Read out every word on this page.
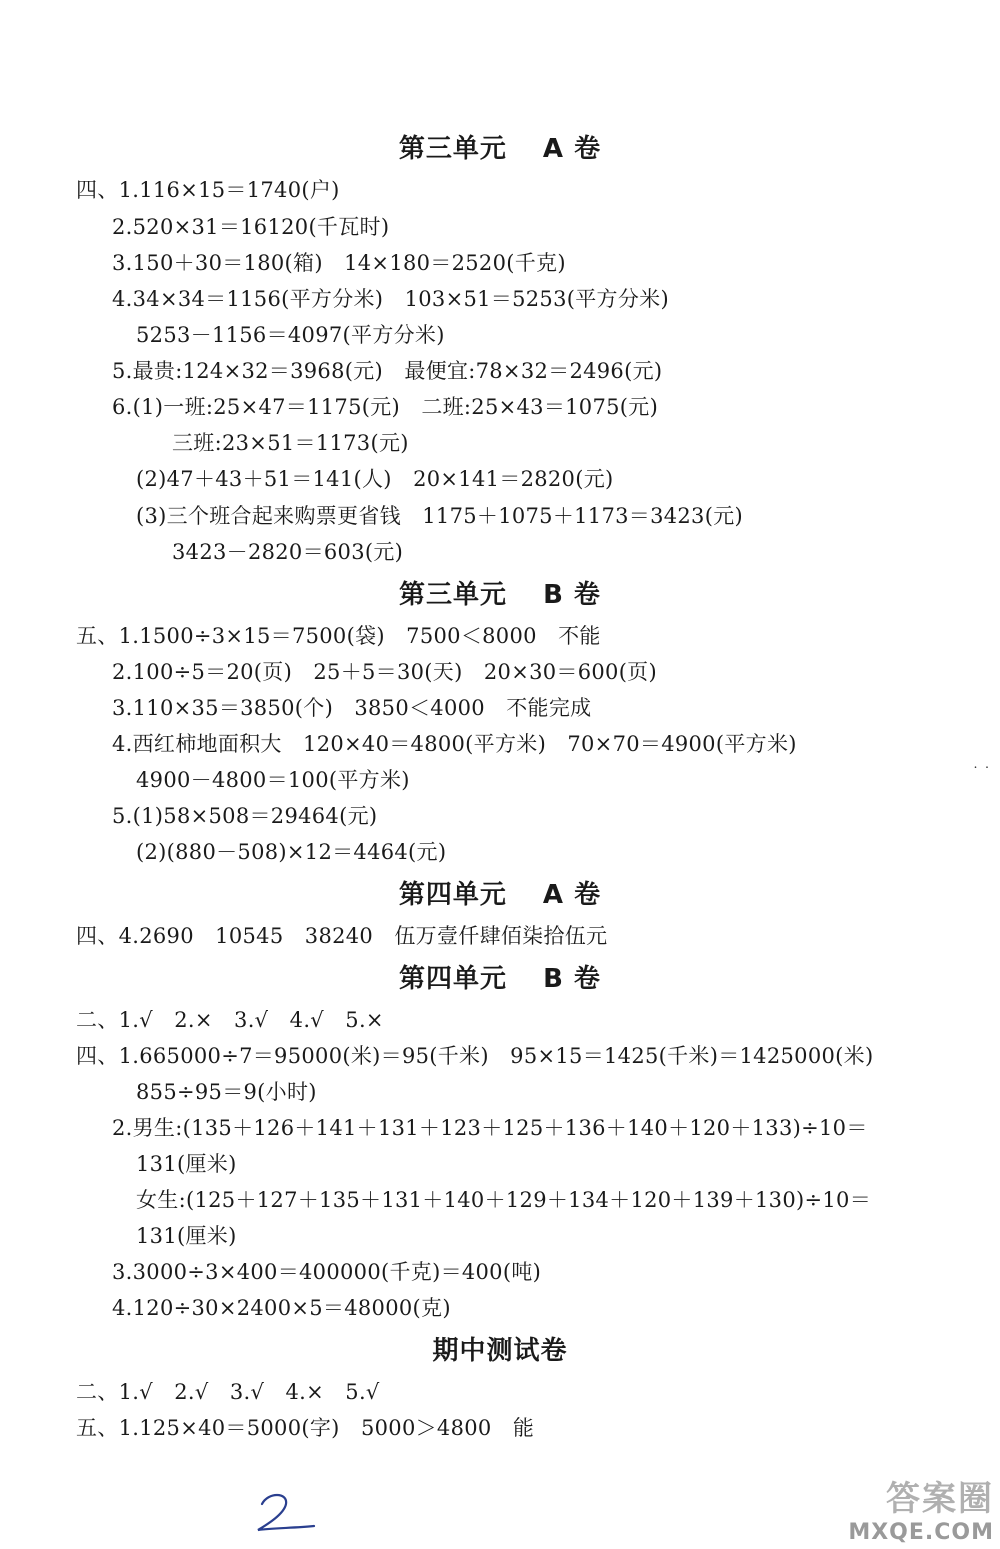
第三单元 A 卷
四、1.116×15＝1740(户)
2.520×31＝16120(千瓦时)
3.150＋30＝180(箱)　14×180＝2520(千克)
4.34×34＝1156(平方分米)　103×51＝5253(平方分米)
5253－1156＝4097(平方分米)
5.最贵:124×32＝3968(元)　最便宜:78×32＝2496(元)
6.(1)一班:25×47＝1175(元)　二班:25×43＝1075(元)
三班:23×51＝1173(元)
(2)47＋43＋51＝141(人)　20×141＝2820(元)
(3)三个班合起来购票更省钱　1175＋1075＋1173＝3423(元)
3423－2820＝603(元)
第三单元 B 卷
五、1.1500÷3×15＝7500(袋)　7500＜8000　不能
2.100÷5＝20(页)　25＋5＝30(天)　20×30＝600(页)
3.110×35＝3850(个)　3850＜4000　不能完成
4.西红柿地面积大　120×40＝4800(平方米)　70×70＝4900(平方米)
4900－4800＝100(平方米)
5.(1)58×508＝29464(元)
(2)(880－508)×12＝4464(元)
˙ ˙
第四单元 A 卷
四、4.2690　10545　38240　伍万壹仟肆佰柒拾伍元
第四单元 B 卷
二、1.√　2.×　3.√　4.√　5.×
四、1.665000÷7＝95000(米)＝95(千米)　95×15＝1425(千米)＝1425000(米)
855÷95＝9(小时)
2.男生:(135＋126＋141＋131＋123＋125＋136＋140＋120＋133)÷10＝
131(厘米)
女生:(125＋127＋135＋131＋140＋129＋134＋120＋139＋130)÷10＝
131(厘米)
3.3000÷3×400＝400000(千克)＝400(吨)
4.120÷30×2400×5＝48000(克)
期中测试卷
二、1.√　2.√　3.√　4.×　5.√
五、1.125×40＝5000(字)　5000＞4800　能
答案圈
MXQE.COM
